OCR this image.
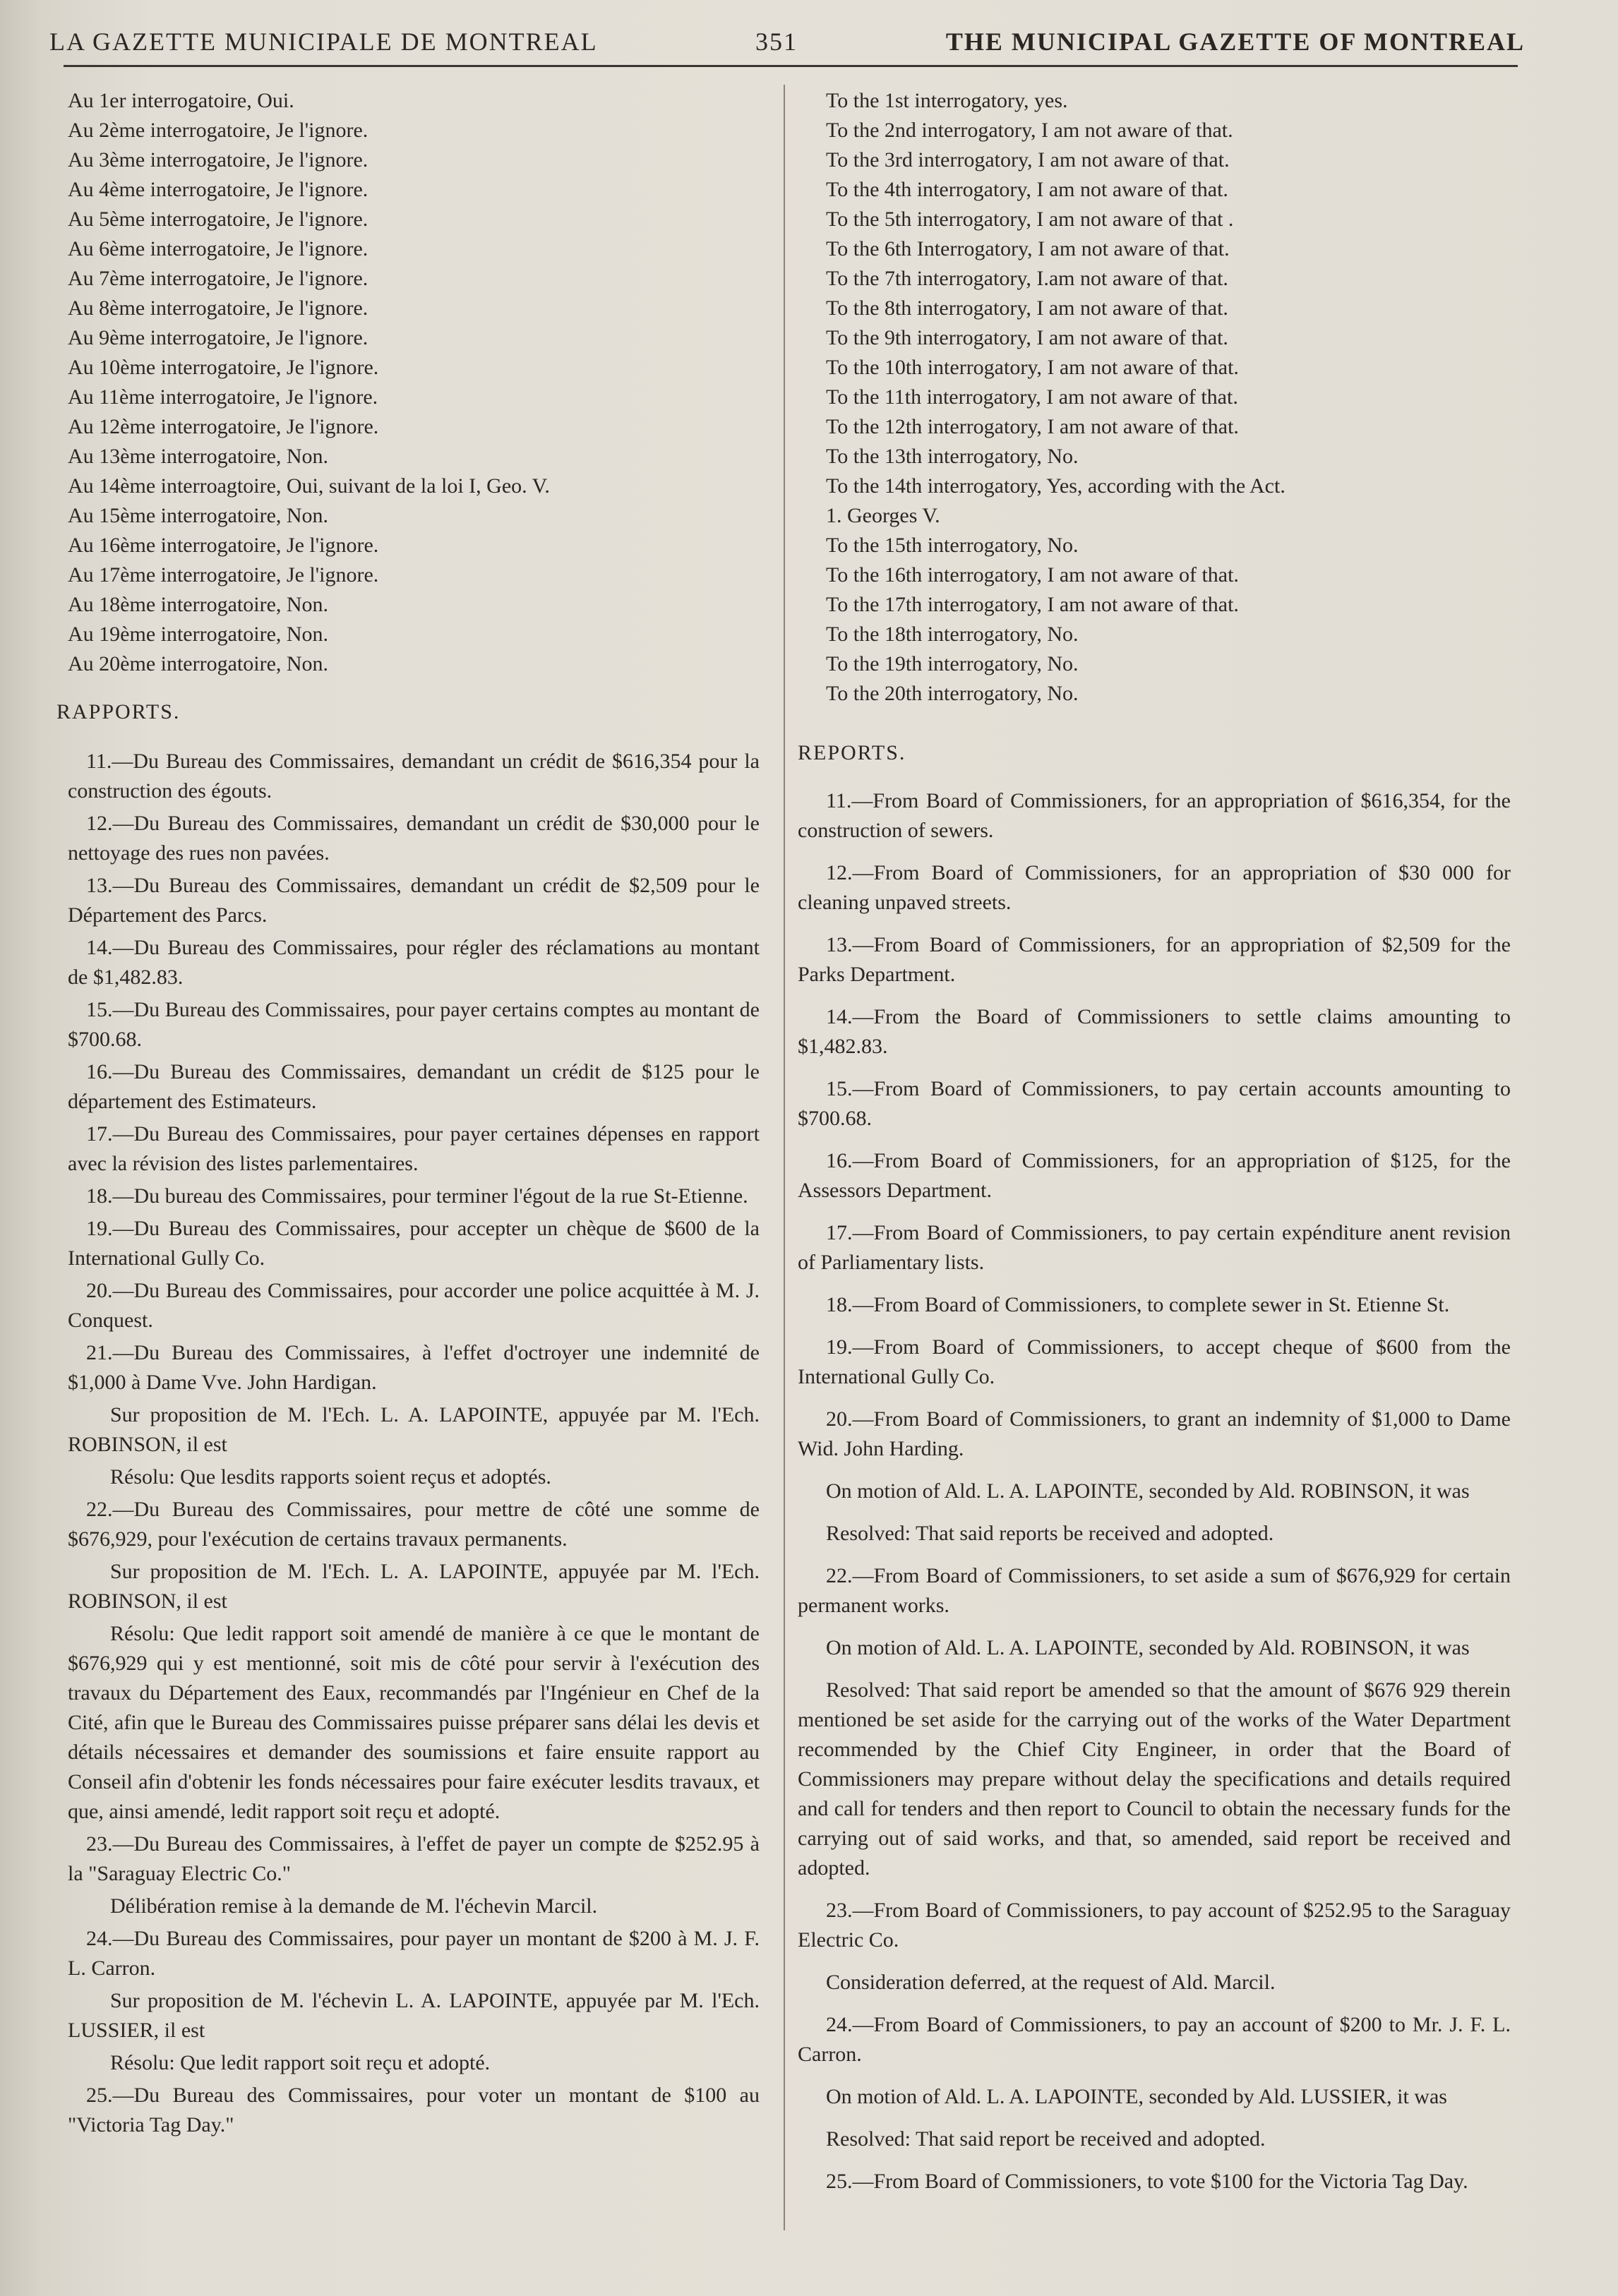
LA GAZETTE MUNICIPALE DE MONTREAL	351	THE MUNICIPAL GAZETTE OF MONTREAL

Au 1er interrogatoire, Oui.

Au 2ème interrogatoire, Je l'ignore.

Au 3ème interrogatoire, Je l'ignore.

Au 4ème interrogatoire, Je l'ignore.

Au 5ème interrogatoire, Je l'ignore.

Au 6ème interrogatoire, Je l'ignore.

Au 7ème interrogatoire, Je l'ignore.

Au 8ème interrogatoire, Je l'ignore.

Au 9ème interrogatoire, Je l'ignore.

Au 10ème interrogatoire, Je l'ignore.

Au 11ème interrogatoire, Je l'ignore.

Au 12ème interrogatoire, Je l'ignore.

Au 13ème interrogatoire, Non.

Au 14ème interroagtoire, Oui, suivant de la loi I, Geo. V.

Au 15ème interrogatoire, Non.

Au 16ème interrogatoire, Je l'ignore.

Au 17ème interrogatoire, Je l'ignore.

Au 18ème interrogatoire, Non.

Au 19ème interrogatoire, Non.

Au 20ème interrogatoire, Non.

RAPPORTS.

11.—Du Bureau des Commissaires, demandant un crédit de $616,354 pour la construction des égouts.

12.—Du Bureau des Commissaires, demandant un crédit de $30,000 pour le nettoyage des rues non pavées.

13.—Du Bureau des Commissaires, demandant un crédit de $2,509 pour le Département des Parcs.

14.—Du Bureau des Commissaires, pour régler des réclamations au montant de $1,482.83.

15.—Du Bureau des Commissaires, pour payer certains comptes au montant de $700.68.

16.—Du Bureau des Commissaires, demandant un crédit de $125 pour le département des Estimateurs.

17.—Du Bureau des Commissaires, pour payer certaines dépenses en rapport avec la révision des listes parlementaires.

18.—Du bureau des Commissaires, pour terminer l'égout de la rue St-Etienne.

19.—Du Bureau des Commissaires, pour accepter un chèque de $600 de la International Gully Co.

20.—Du Bureau des Commissaires, pour accorder une police acquittée à M. J. Conquest.

21.—Du Bureau des Commissaires, à l'effet d'octroyer une indemnité de $1,000 à Dame Vve. John Hardigan.

Sur proposition de M. l'Ech. L. A. LAPOINTE, appuyée par M. l'Ech. ROBINSON, il est

Résolu: Que lesdits rapports soient reçus et adoptés.

22.—Du Bureau des Commissaires, pour mettre de côté une somme de $676,929, pour l'exécution de certains travaux permanents.

Sur proposition de M. l'Ech. L. A. LAPOINTE, appuyée par M. l'Ech. ROBINSON, il est

Résolu: Que ledit rapport soit amendé de manière à ce que le montant de $676,929 qui y est mentionné, soit mis de côté pour servir à l'exécution des travaux du Département des Eaux, recommandés par l'Ingénieur en Chef de la Cité, afin que le Bureau des Commissaires puisse préparer sans délai les devis et détails nécessaires et demander des soumissions et faire ensuite rapport au Conseil afin d'obtenir les fonds nécessaires pour faire exécuter lesdits travaux, et que, ainsi amendé, ledit rapport soit reçu et adopté.

23.—Du Bureau des Commissaires, à l'effet de payer un compte de $252.95 à la "Saraguay Electric Co."

Délibération remise à la demande de M. l'échevin Marcil.

24.—Du Bureau des Commissaires, pour payer un montant de $200 à M. J. F. L. Carron.

Sur proposition de M. l'échevin L. A. LAPOINTE, appuyée par M. l'Ech. LUSSIER, il est

Résolu: Que ledit rapport soit reçu et adopté.

25.—Du Bureau des Commissaires, pour voter un montant de $100 au "Victoria Tag Day."

To the 1st interrogatory, yes.

To the 2nd interrogatory, I am not aware of that.

To the 3rd interrogatory, I am not aware of that.

To the 4th interrogatory, I am not aware of that.

To the 5th interrogatory, I am not aware of that .

To the 6th Interrogatory, I am not aware of that.

To the 7th interrogatory, I.am not aware of that.

To the 8th interrogatory, I am not aware of that.

To the 9th interrogatory, I am not aware of that.

To the 10th interrogatory, I am not aware of that.

To the 11th interrogatory, I am not aware of that.

To the 12th interrogatory, I am not aware of that.

To the 13th interrogatory, No.

To the 14th interrogatory, Yes, according with the Act.

1. Georges V.

To the 15th interrogatory, No.

To the 16th interrogatory, I am not aware of that.

To the 17th interrogatory, I am not aware of that.

To the 18th interrogatory, No.

To the 19th interrogatory, No.

To the 20th interrogatory, No.

REPORTS.

11.—From Board of Commissioners, for an appropriation of $616,354, for the construction of sewers.

12.—From Board of Commissioners, for an appropriation of $30 000 for cleaning unpaved streets.

13.—From Board of Commissioners, for an appropriation of $2,509 for the Parks Department.

14.—From the Board of Commissioners to settle claims amounting to $1,482.83.

15.—From Board of Commissioners, to pay certain accounts amounting to $700.68.

16.—From Board of Commissioners, for an appropriation of $125, for the Assessors Department.

17.—From Board of Commissioners, to pay certain expénditure anent revision of Parliamentary lists.

18.—From Board of Commissioners, to complete sewer in St. Etienne St.

19.—From Board of Commissioners, to accept cheque of $600 from the International Gully Co.

20.—From Board of Commissioners, to grant an indemnity of $1,000 to Dame Wid. John Harding.

On motion of Ald. L. A. LAPOINTE, seconded by Ald. ROBINSON, it was

Resolved: That said reports be received and adopted.

22.—From Board of Commissioners, to set aside a sum of $676,929 for certain permanent works.

On motion of Ald. L. A. LAPOINTE, seconded by Ald. ROBINSON, it was

Resolved: That said report be amended so that the amount of $676 929 therein mentioned be set aside for the carrying out of the works of the Water Department recommended by the Chief City Engineer, in order that the Board of Commissioners may prepare without delay the specifications and details required and call for tenders and then report to Council to obtain the necessary funds for the carrying out of said works, and that, so amended, said report be received and adopted.

23.—From Board of Commissioners, to pay account of $252.95 to the Saraguay Electric Co.

Consideration deferred, at the request of Ald. Marcil.

24.—From Board of Commissioners, to pay an account of $200 to Mr. J. F. L. Carron.

On motion of Ald. L. A. LAPOINTE, seconded by Ald. LUSSIER, it was

Resolved: That said report be received and adopted.

25.—From Board of Commissioners, to vote $100 for the Victoria Tag Day.
